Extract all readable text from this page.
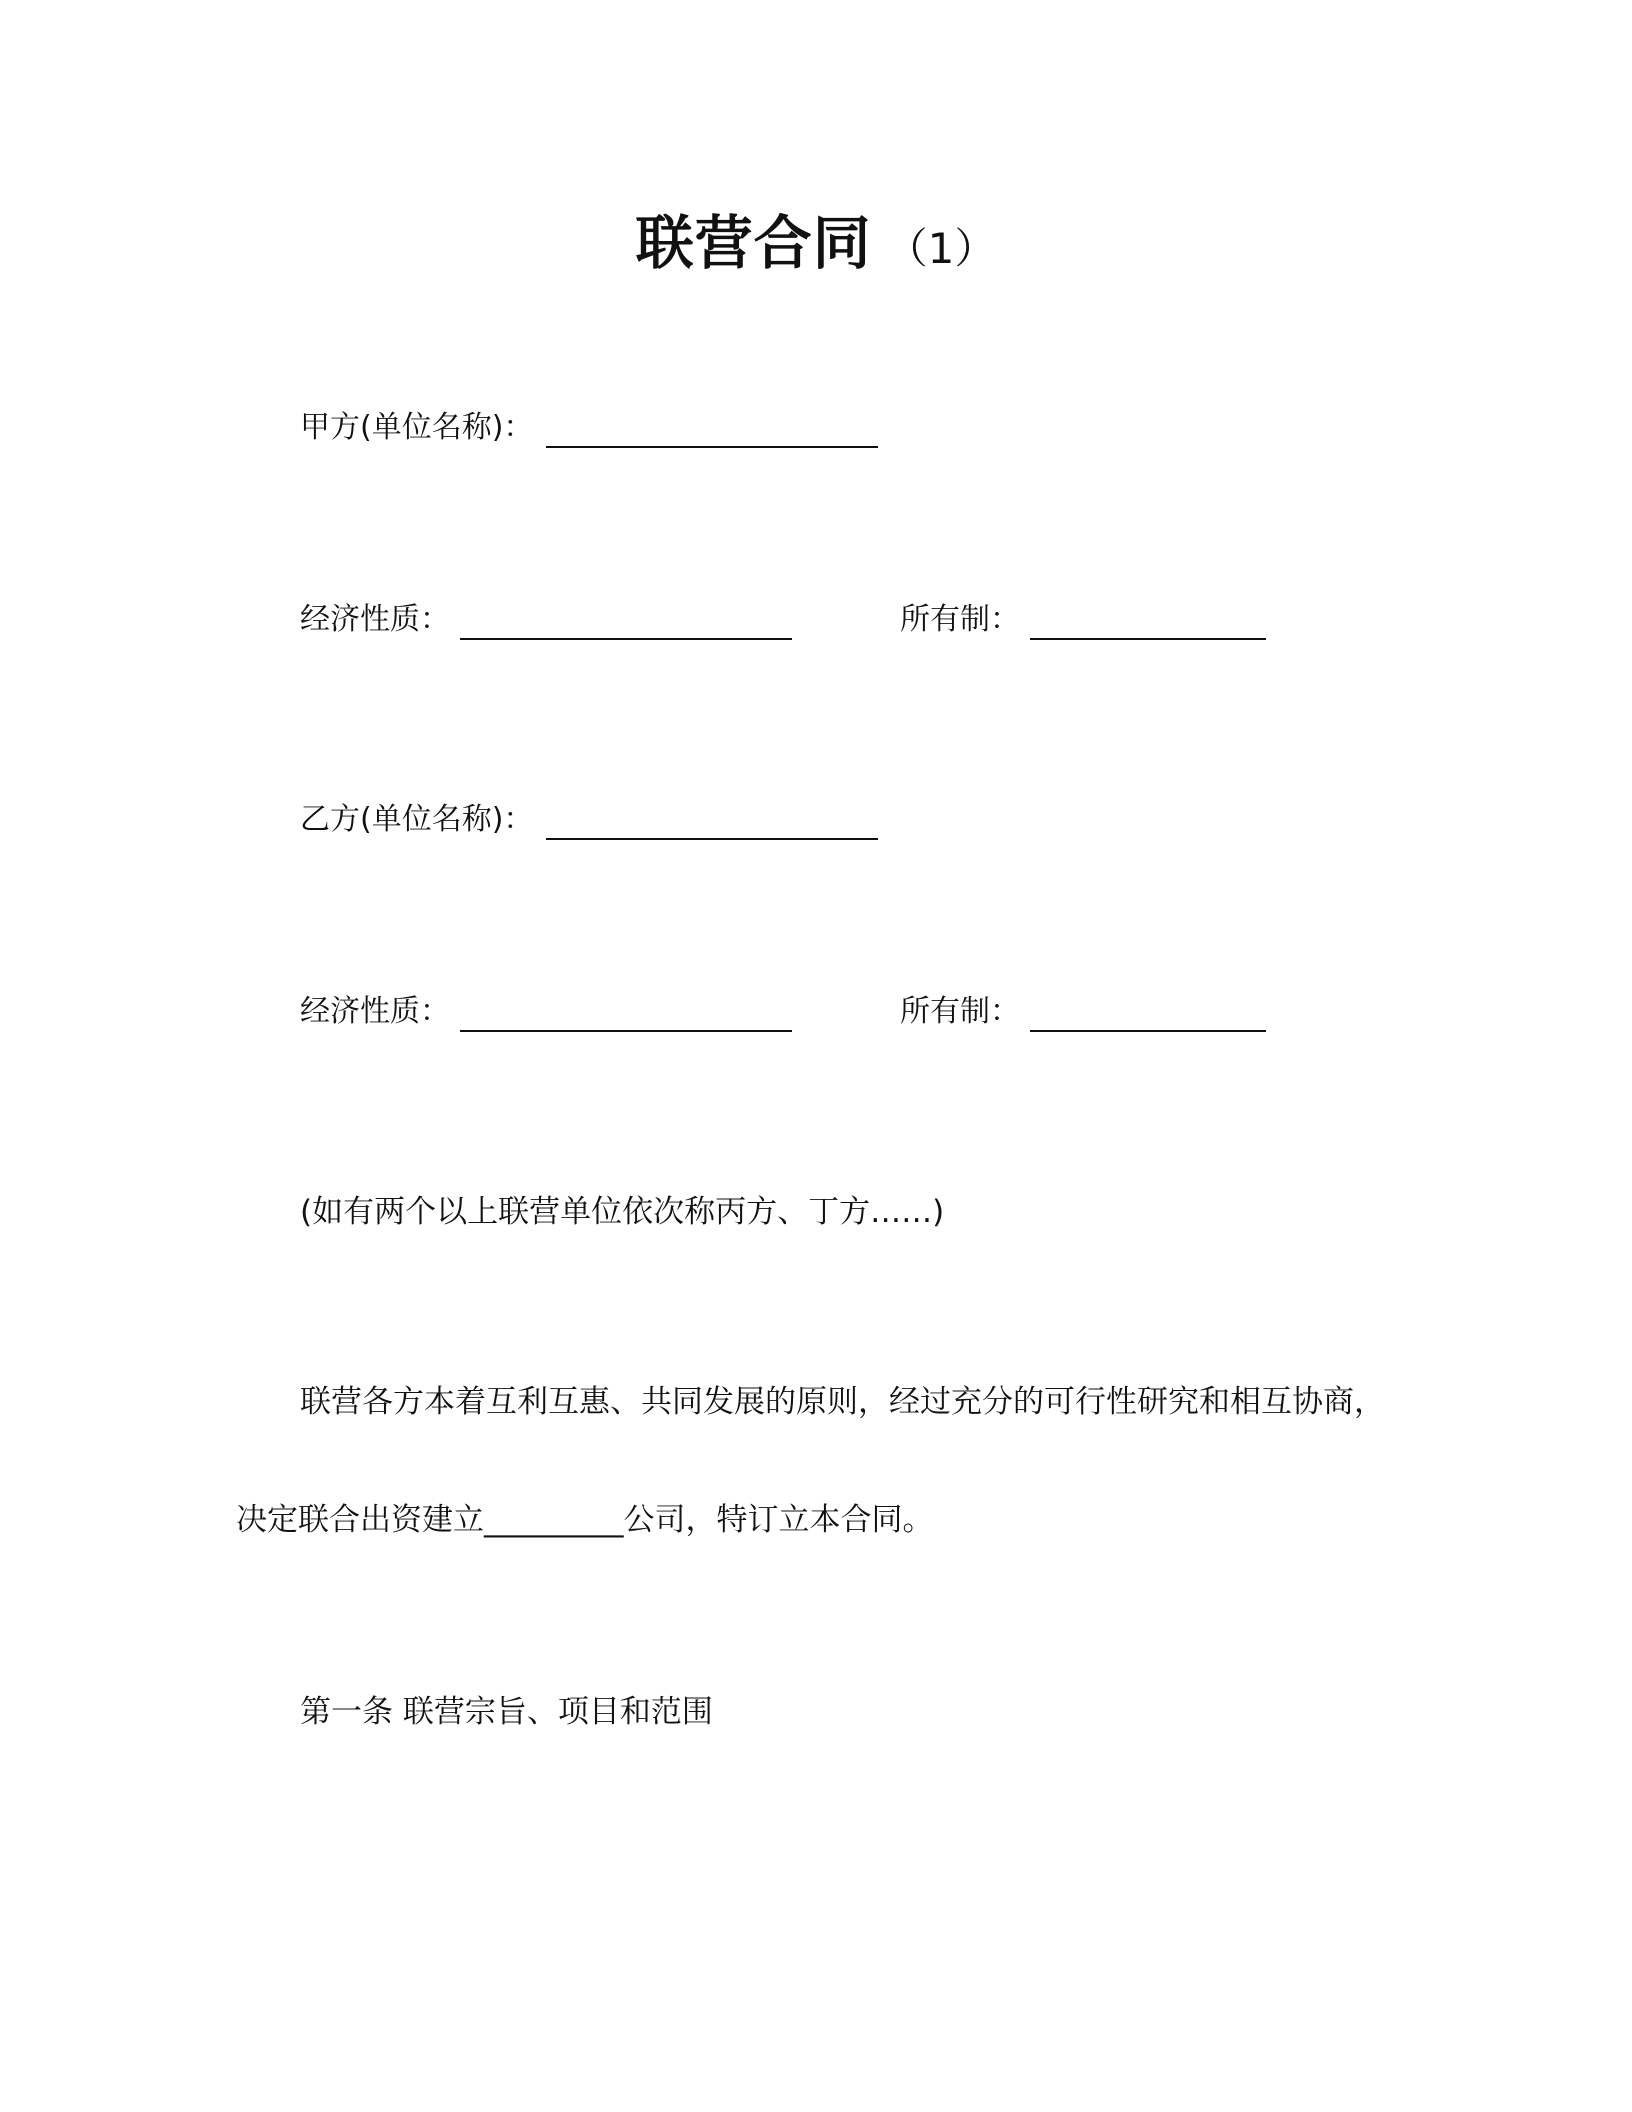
联营合同 （1）
甲方(单位名称)：
经济性质：	所有制：
乙方(单位名称)：
经济性质：	所有制：
(如有两个以上联营单位依次称丙方、丁方……)
联营各方本着互利互惠、共同发展的原则，经过充分的可行性研究和相互协商，
决定联合出资建立_________公司，特订立本合同。
第一条 联营宗旨、项目和范围
